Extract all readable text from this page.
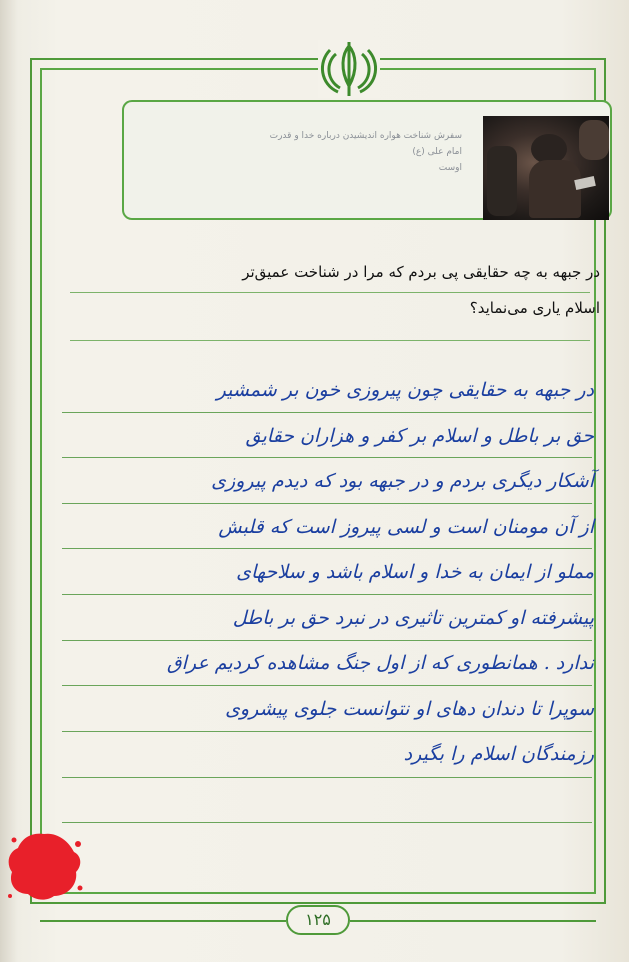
سفرش شناخت هواره اندیشیدن درباره خدا و قدرت
امام علی (ع)
اوست
در جبهه به چه حقایقی پی بردم که مرا در شناخت عمیق‌تر
اسلام یاری می‌نماید؟
در جبهه به حقایقی چون پیروزی خون بر شمشیر
حق بر باطل و اسلام بر کفر و هزاران حقایق
آشکار دیگری بردم و در جبهه بود که دیدم پیروزی
از آن مومنان است و لسی پیروز است که قلبش
مملو از ایمان به خدا و اسلام باشد و سلاحهای
پیشرفته او کمترین تاثیری در نبرد حق بر باطل
ندارد . همانطوری که از اول جنگ مشاهده کردیم عراق
سوپرا تا دندان دهای او نتوانست جلوی پیشروی
رزمندگان اسلام را بگیرد
۱۲۵
